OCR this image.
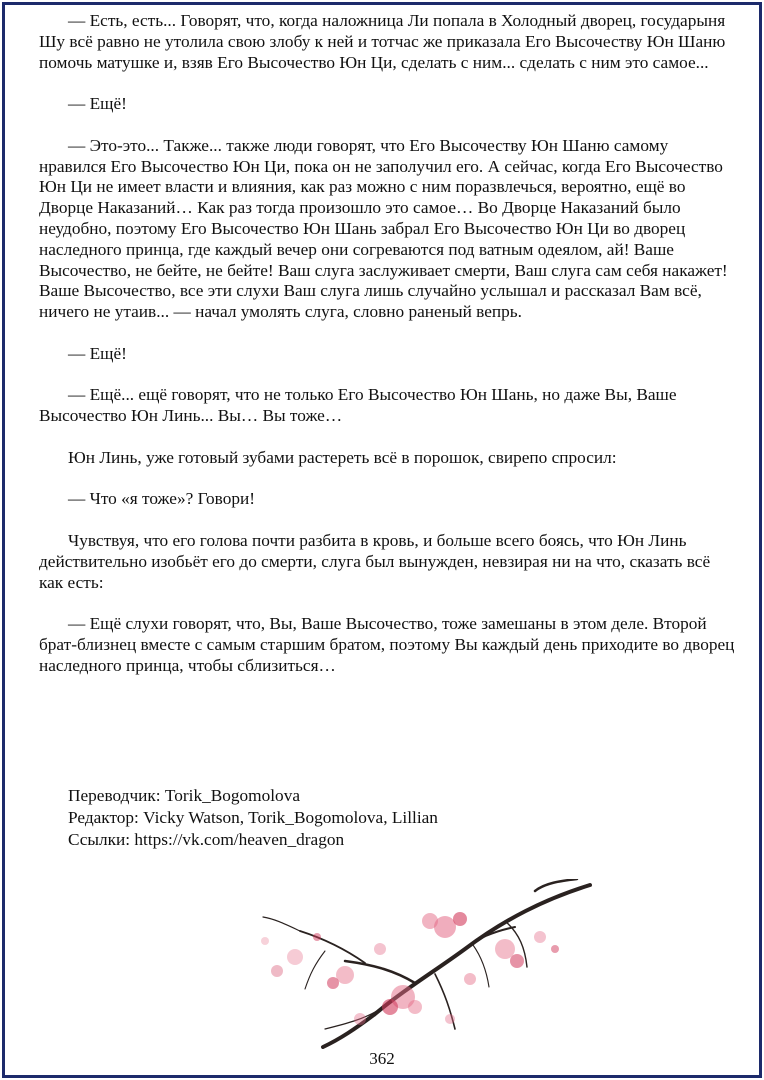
— Есть, есть... Говорят, что, когда наложница Ли попала в Холодный дворец, государыня Шу всё равно не утолила свою злобу к ней и тотчас же приказала Его Высочеству Юн Шаню помочь матушке и, взяв Его Высочество Юн Ци, сделать с ним... сделать с ним это самое...

— Ещё!

— Это-это... Также... также люди говорят, что Его Высочеству Юн Шаню самому нравился Его Высочество Юн Ци, пока он не заполучил его. А сейчас, когда Его Высочество Юн Ци не имеет власти и влияния, как раз можно с ним поразвлечься, вероятно, ещё во Дворце Наказаний… Как раз тогда произошло это самое… Во Дворце Наказаний было неудобно, поэтому Его Высочество Юн Шань забрал Его Высочество Юн Ци во дворец наследного принца, где каждый вечер они согреваются под ватным одеялом, ай! Ваше Высочество, не бейте, не бейте! Ваш слуга заслуживает смерти, Ваш слуга сам себя накажет! Ваше Высочество, все эти слухи Ваш слуга лишь случайно услышал и рассказал Вам всё, ничего не утаив... — начал умолять слуга, словно раненый вепрь.

— Ещё!

— Ещё... ещё говорят, что не только Его Высочество Юн Шань, но даже Вы, Ваше Высочество Юн Линь... Вы… Вы тоже…

Юн Линь, уже готовый зубами растереть всё в порошок, свирепо спросил:

— Что «я тоже»? Говори!

Чувствуя, что его голова почти разбита в кровь, и больше всего боясь, что Юн Линь действительно изобьёт его до смерти, слуга был вынужден, невзирая ни на что, сказать всё как есть:

— Ещё слухи говорят, что, Вы, Ваше Высочество, тоже замешаны в этом деле. Второй брат-близнец вместе с самым старшим братом, поэтому Вы каждый день приходите во дворец наследного принца, чтобы сблизиться…

Переводчик: Torik_Bogomolova
Редактор: Vicky Watson, Torik_Bogomolova, Lillian
Ссылки: https://vk.com/heaven_dragon
362
